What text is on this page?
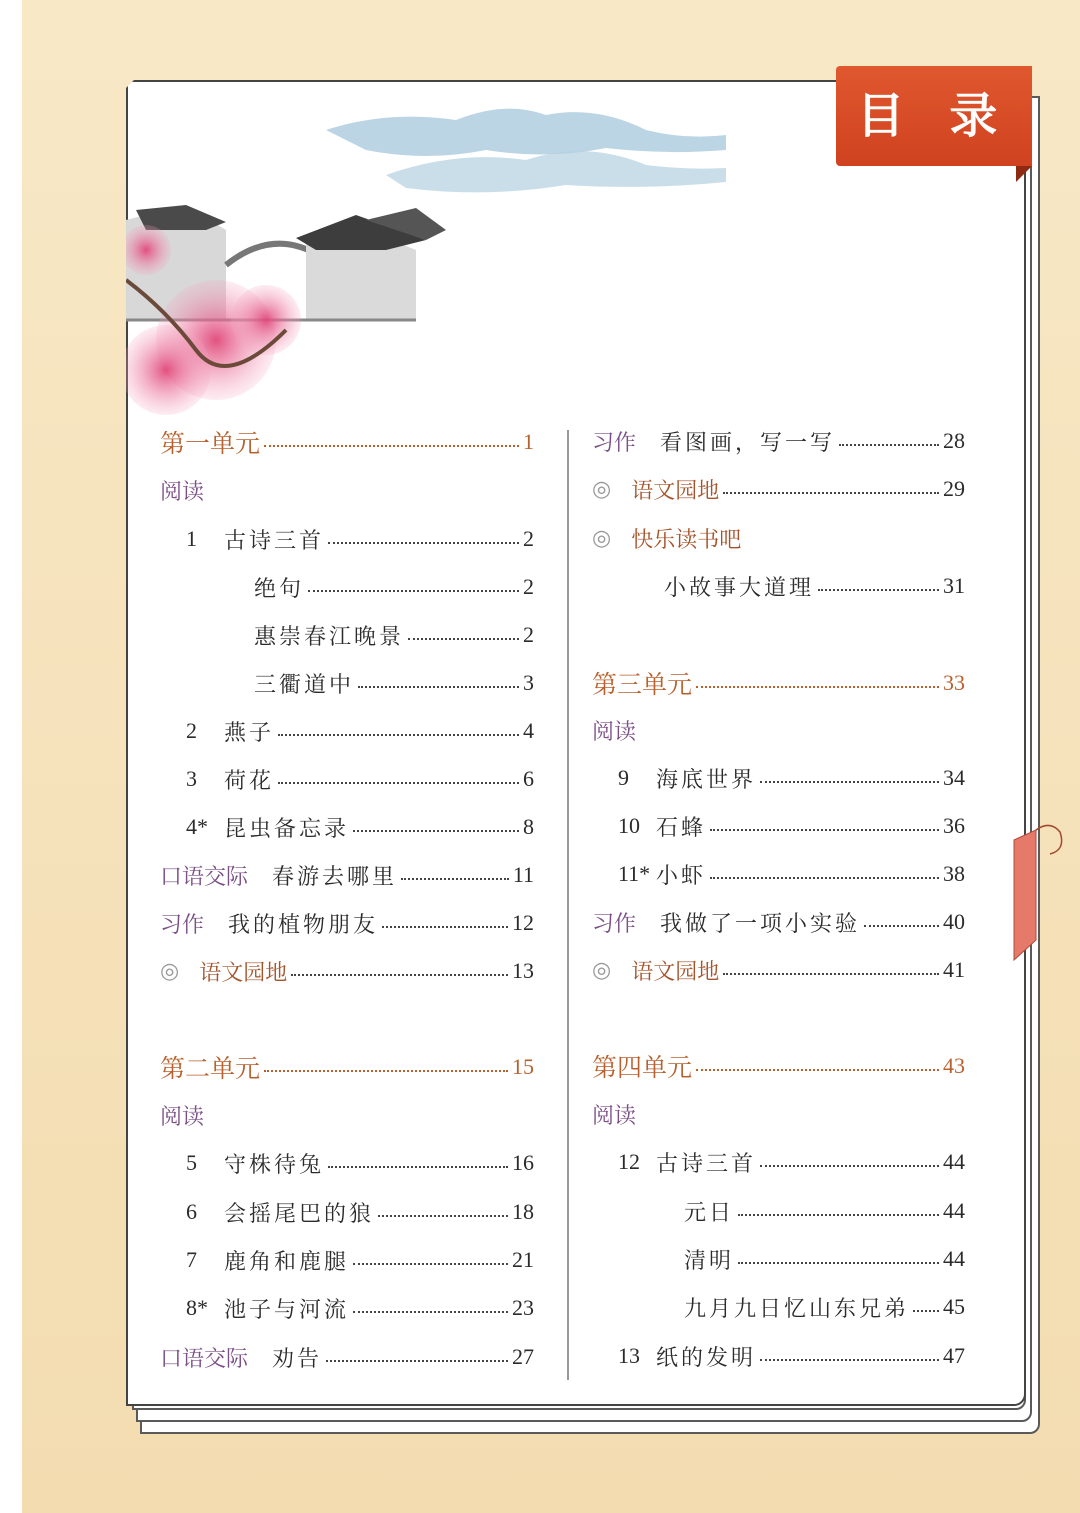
目 录
第一单元	1
阅读
1	古诗三首	2
绝句	2
惠崇春江晚景	2
三衢道中	3
2	燕子	4
3	荷花	6
4* 昆虫备忘录	8
口语交际 春游去哪里	11
习作 我的植物朋友	12
◎ 语文园地	13
第二单元	15
阅读
5	守株待兔	16
6	会摇尾巴的狼	18
7	鹿角和鹿腿	21
8* 池子与河流	23
口语交际 劝告	27
习作 看图画，写一写	28
◎ 语文园地	29
◎ 快乐读书吧
小故事大道理	31
第三单元	33
阅读
9	海底世界	34
10 石蜂	36
11* 小虾	38
习作 我做了一项小实验	40
◎ 语文园地	41
第四单元	43
阅读
12 古诗三首	44
元日	44
清明	44
九月九日忆山东兄弟 45
13 纸的发明	47
